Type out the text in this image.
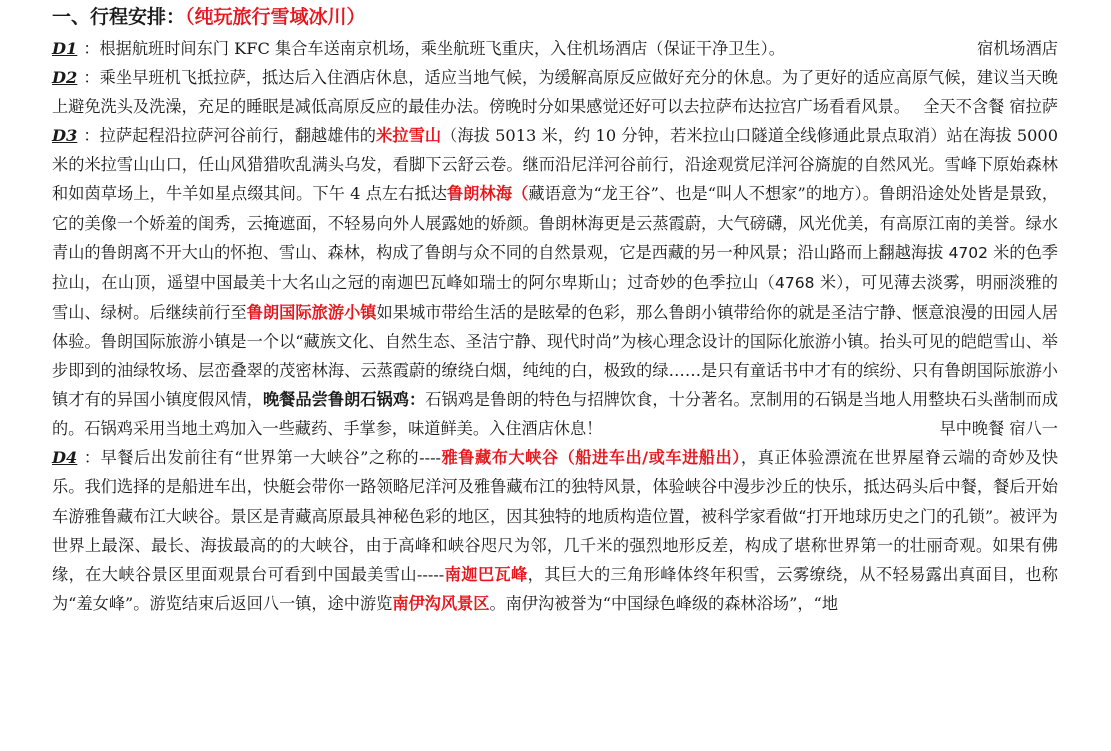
一、行程安排：（纯玩旅行雪域冰川）

D1 ：根据航班时间东门 KFC 集合车送南京机场，乘坐航班飞重庆，入住机场酒店（保证干净卫生）。	宿机场酒店

D2 ：乘坐早班机飞抵拉萨，抵达后入住酒店休息，适应当地气候，为缓解高原反应做好充分的休息。为了更好的适应高原气候，建议当天晚上避免洗头及洗澡，充足的睡眠是减低高原反应的最佳办法。傍晚时分如果感觉还好可以去拉萨布达拉宫广场看看风景。 全天不含餐 宿拉萨

D3 ：拉萨起程沿拉萨河谷前行，翻越雄伟的米拉雪山（海拔 5013 米，约 10 分钟，若米拉山口隧道全线修通此景点取消）站在海拔 5000 米的米拉雪山山口，任山风猎猎吹乱满头乌发，看脚下云舒云卷。继而沿尼洋河谷前行，沿途观赏尼洋河谷旖旎的自然风光。雪峰下原始森林和如茵草场上，牛羊如星点缀其间。下午 4 点左右抵达鲁朗林海（藏语意为“龙王谷”、也是“叫人不想家”的地方）。鲁朗沿途处处皆是景致，它的美像一个娇羞的闺秀，云掩遮面，不轻易向外人展露她的娇颜。鲁朗林海更是云蒸霞蔚，大气磅礴，风光优美，有高原江南的美誉。绿水青山的鲁朗离不开大山的怀抱、雪山、森林，构成了鲁朗与众不同的自然景观，它是西藏的另一种风景；沿山路而上翻越海拔 4702 米的色季拉山，在山顶，遥望中国最美十大名山之冠的南迦巴瓦峰如瑞士的阿尔卑斯山；过奇妙的色季拉山（4768 米），可见薄去淡雾，明丽淡雅的雪山、绿树。后继续前行至鲁朗国际旅游小镇如果城市带给生活的是眩晕的色彩，那么鲁朗小镇带给你的就是圣洁宁静、惬意浪漫的田园人居体验。鲁朗国际旅游小镇是一个以“藏族文化、自然生态、圣洁宁静、现代时尚”为核心理念设计的国际化旅游小镇。抬头可见的皑皑雪山、举步即到的油绿牧场、层峦叠翠的茂密林海、云蒸霞蔚的缭绕白烟，纯纯的白，极致的绿……是只有童话书中才有的缤纷、只有鲁朗国际旅游小镇才有的异国小镇度假风情，晚餐品尝鲁朗石锅鸡：石锅鸡是鲁朗的特色与招牌饮食，十分著名。烹制用的石锅是当地人用整块石头凿制而成的。石锅鸡采用当地土鸡加入一些藏药、手掌参，味道鲜美。入住酒店休息！	早中晚餐 宿八一

D4 ：早餐后出发前往有“世界第一大峡谷”之称的----雅鲁藏布大峡谷（船进车出/或车进船出），真正体验漂流在世界屋脊云端的奇妙及快乐。我们选择的是船进车出，快艇会带你一路领略尼洋河及雅鲁藏布江的独特风景，体验峡谷中漫步沙丘的快乐，抵达码头后中餐，餐后开始车游雅鲁藏布江大峡谷。景区是青藏高原最具神秘色彩的地区，因其独特的地质构造位置，被科学家看做“打开地球历史之门的孔锁”。被评为世界上最深、最长、海拔最高的的大峡谷，由于高峰和峡谷咫尺为邻，几千米的强烈地形反差，构成了堪称世界第一的壮丽奇观。如果有佛缘，在大峡谷景区里面观景台可看到中国最美雪山-----南迦巴瓦峰，其巨大的三角形峰体终年积雪，云雾缭绕，从不轻易露出真面目，也称为“羞女峰”。游览结束后返回八一镇，途中游览南伊沟风景区。南伊沟被誉为“中国绿色峰级的森林浴场”，“地
